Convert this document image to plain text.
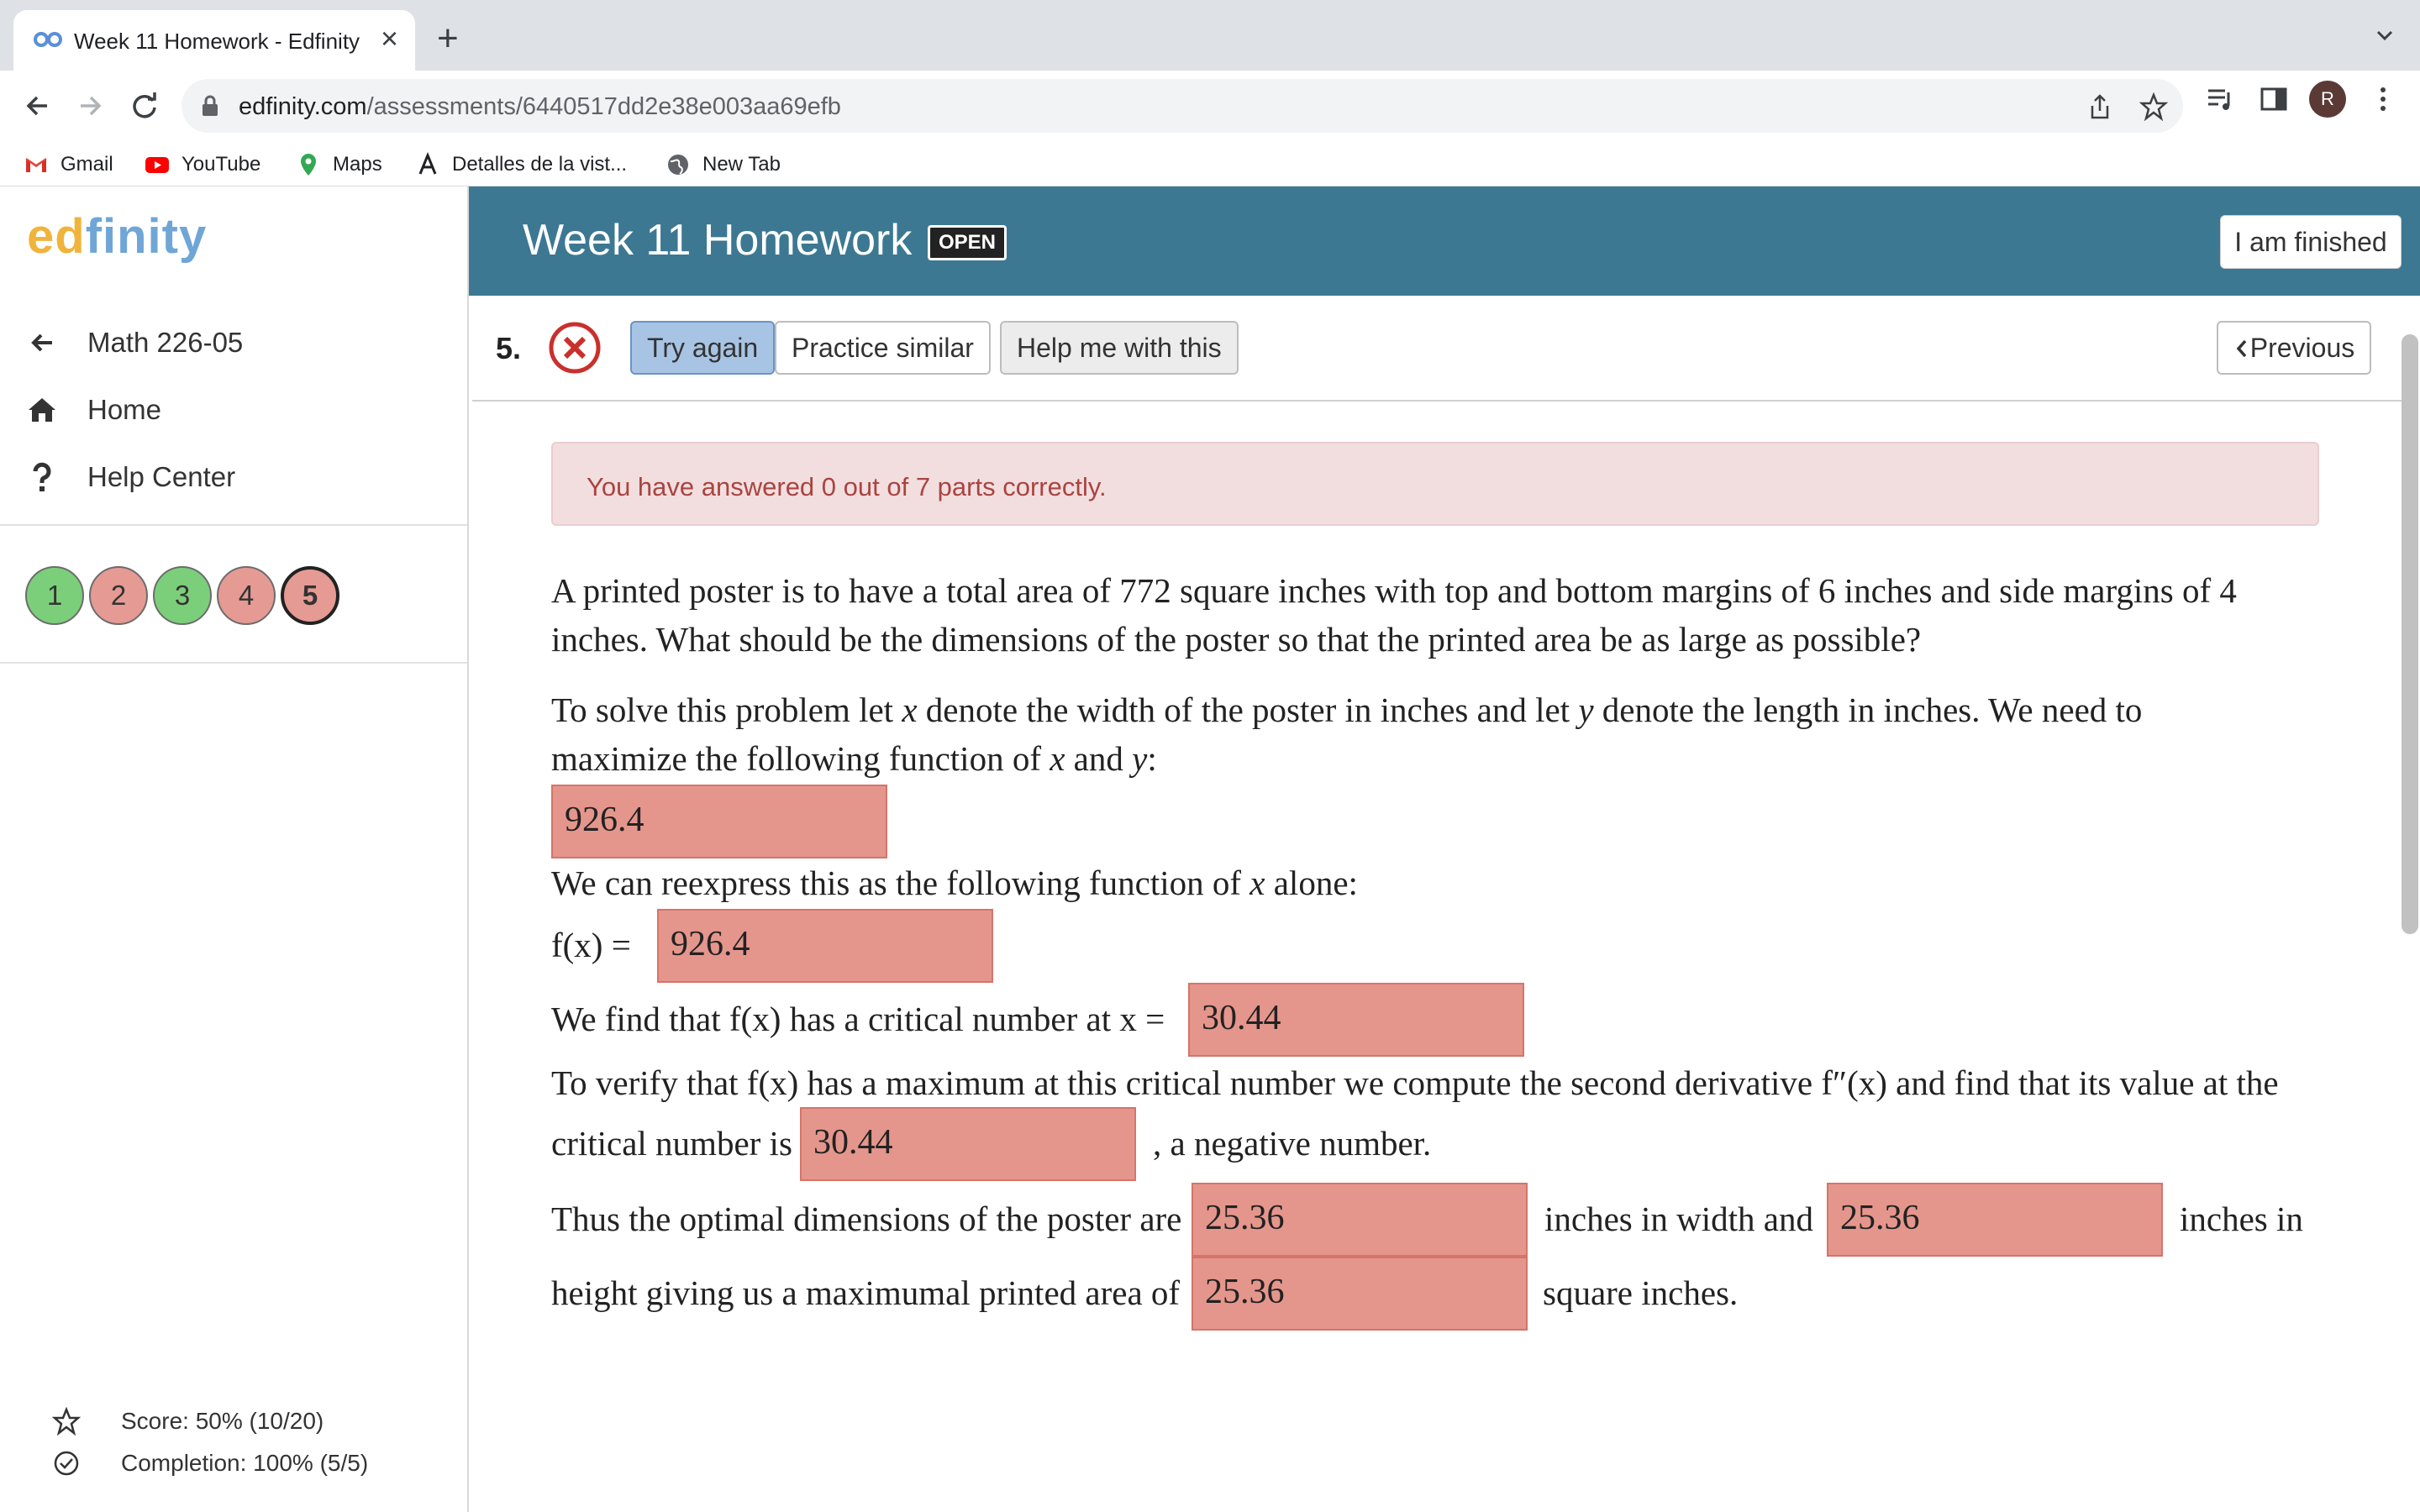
Week 11 Homework - Edfinity × +
edfinity.com/assessments/6440517dd2e38e003aa69efb	R
Gmail	YouTube	Maps	Detalles de la vist...	New Tab
edfinity
Math 226-05
Home
Help Center
1	2	3	4	5
Score: 50% (10/20)
Completion: 100% (5/5)
Week 11 Homework	OPEN	I am finished
5.	Try again	Practice similar	Help me with this	Previous
You have answered 0 out of 7 parts correctly.
A printed poster is to have a total area of 772 square inches with top and bottom margins of 6 inches and side margins of 4
inches. What should be the dimensions of the poster so that the printed area be as large as possible?
To solve this problem let x denote the width of the poster in inches and let y denote the length in inches. We need to
maximize the following function of x and y:
926.4
We can reexpress this as the following function of x alone:
f(x) =	926.4
We find that f(x) has a critical number at x =	30.44
To verify that f(x) has a maximum at this critical number we compute the second derivative f″(x) and find that its value at the
critical number is	, a negative number.
30.44
Thus the optimal dimensions of the poster are	inches in width and	inches in
height giving us a maximumal printed area of	square inches.
25.36	25.36
25.36
